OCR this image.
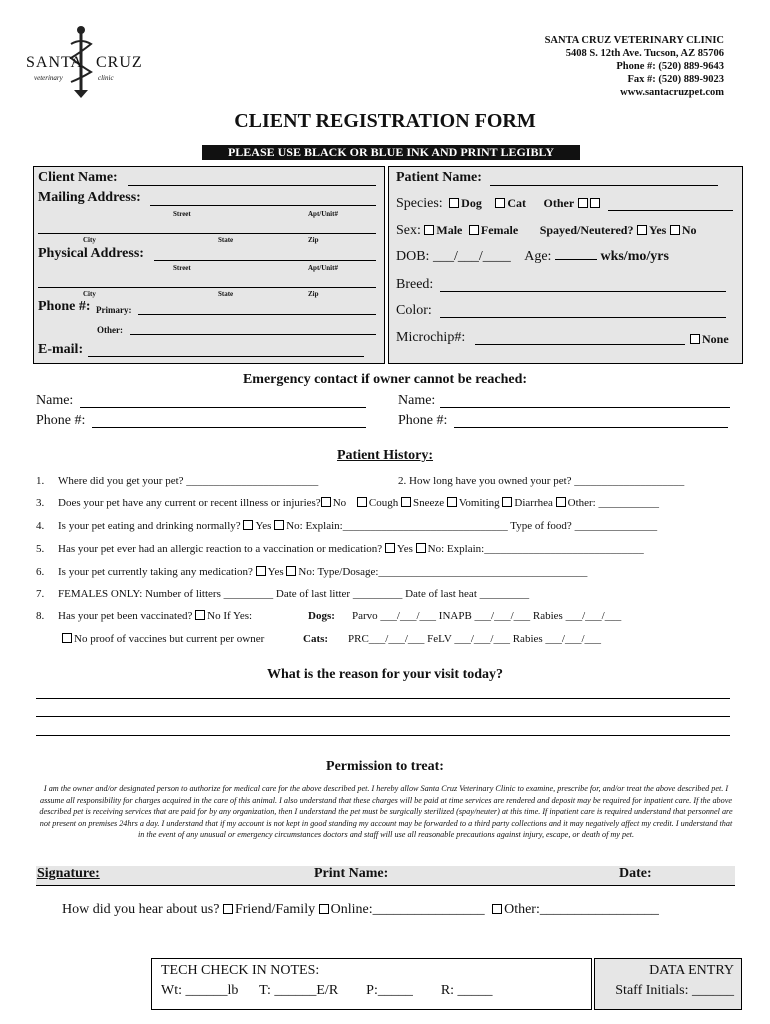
SANTA CRUZ
veterinary	clinic
SANTA CRUZ VETERINARY CLINIC
5408 S. 12th Ave. Tucson, AZ 85706
Phone #: (520) 889-9643
Fax #: (520) 889-9023
www.santacruzpet.com
CLIENT REGISTRATION FORM
PLEASE USE BLACK OR BLUE INK AND PRINT LEGIBLY
Client Name:
Mailing Address:
Street	Apt/Unit#
City	State	Zip
Physical Address:
Street	Apt/Unit#
City	State	Zip
Phone #: Primary:
Other:
E-mail:
Patient Name:
Species: Dog Cat Other
Sex: Male Female Spayed/Neutered? Yes No
DOB: ___/___/____ Age:	wks/mo/yrs
Breed:
Color:
Microchip#:	None
Emergency contact if owner cannot be reached:
Name:
Phone #:
Name:
Phone #:
Patient History:
1. Where did you get your pet? ________________________	2. How long have you owned your pet? ____________________
3. Does your pet have any current or recent illness or injuries? No Cough Sneeze Vomiting Diarrhea Other: ___________
4. Is your pet eating and drinking normally? Yes No: Explain:______________________________ Type of food? _______________
5. Has your pet ever had an allergic reaction to a vaccination or medication? Yes No: Explain:_____________________________
6. Is your pet currently taking any medication? Yes No: Type/Dosage:______________________________________
7. FEMALES ONLY: Number of litters _________ Date of last litter _________ Date of last heat _________
8. Has your pet been vaccinated? No If Yes:	Dogs: Parvo ___/___/___ INAPB ___/___/___ Rabies ___/___/___
No proof of vaccines but current per owner	Cats: PRC___/___/___ FeLV ___/___/___ Rabies ___/___/___
What is the reason for your visit today?
Permission to treat:
I am the owner and/or designated person to authorize for medical care for the above described pet. I hereby allow Santa Cruz Veterinary Clinic to examine, prescribe for, and/or treat the above described pet. I assume all responsibility for charges acquired in the care of this animal. I also understand that these charges will be paid at time services are rendered and deposit may be required for inpatient care. If the above described pet is receiving services that are paid for by any organization, then I understand the pet must be surgically sterilized (spay/neuter) at this time. If inpatient care is required understand that personnel are not present on premises 24hrs a day. I understand that if my account is not kept in good standing my account may be forwarded to a third party collections and it may negatively affect my credit. I understand that in the event of any unusual or emergency circumstances doctors and staff will use all reasonable precautions against injury, escape, or death of my pet.
Signature:	Print Name:	Date:
How did you hear about us? Friend/Family Online:________________ Other:_________________
TECH CHECK IN NOTES:
Wt: ______lb      T: ______E/R        P:_____        R: _____
DATA ENTRY
Staff Initials: ______
